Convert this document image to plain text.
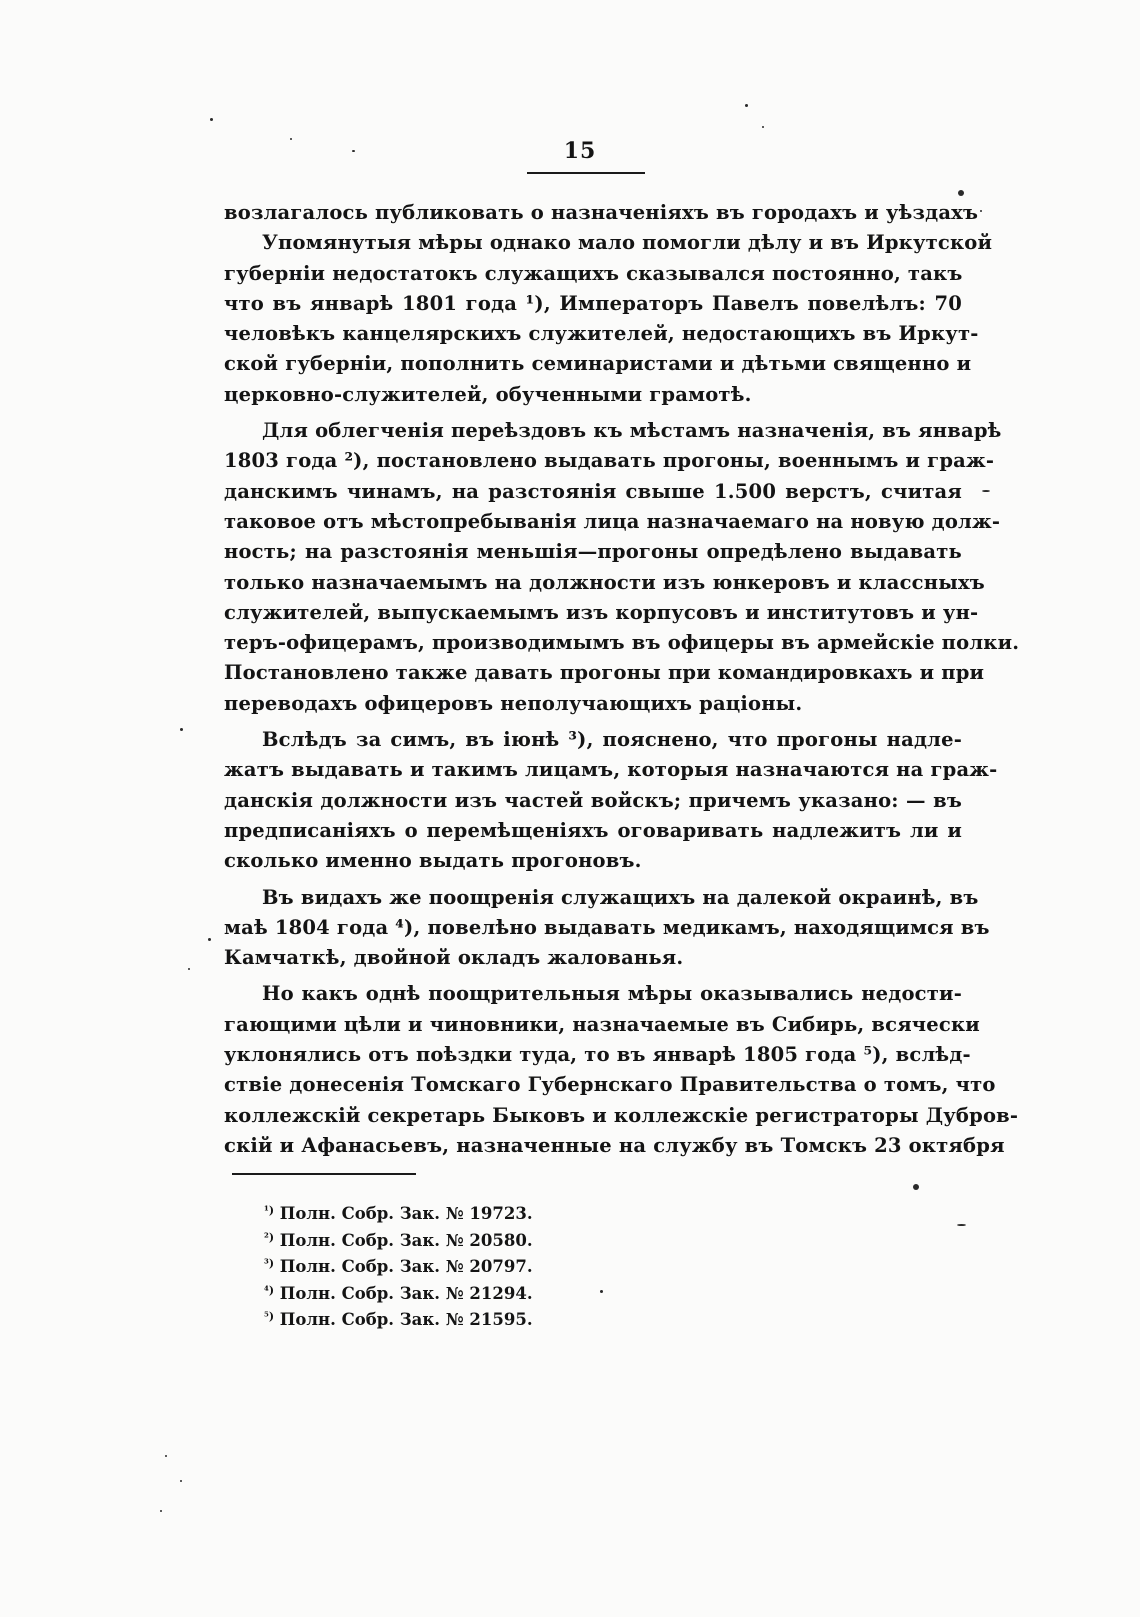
15
возлагалось публиковать о назначеніяхъ въ городахъ и уѣздахъ
Упомянутыя мѣры однако мало помогли дѣлу и въ Иркутской
губерніи недостатокъ служащихъ сказывался постоянно, такъ
что въ январѣ 1801 года ¹), Императоръ Павелъ повелѣлъ: 70
человѣкъ канцелярскихъ служителей, недостающихъ въ Иркут-
ской губерніи, пополнить семинаристами и дѣтьми священно и
церковно-служителей, обученными грамотѣ.
Для облегченія переѣздовъ къ мѣстамъ назначенія, въ январѣ
1803 года ²), постановлено выдавать прогоны, военнымъ и граж-
данскимъ чинамъ, на разстоянія свыше 1.500 верстъ, считая
таковое отъ мѣстопребыванія лица назначаемаго на новую долж-
ность; на разстоянія меньшія—прогоны опредѣлено выдавать
только назначаемымъ на должности изъ юнкеровъ и классныхъ
служителей, выпускаемымъ изъ корпусовъ и институтовъ и ун-
теръ-офицерамъ, производимымъ въ офицеры въ армейскіе полки.
Постановлено также давать прогоны при командировкахъ и при
переводахъ офицеровъ неполучающихъ раціоны.
Вслѣдъ за симъ, въ іюнѣ ³), пояснено, что прогоны надле-
жатъ выдавать и такимъ лицамъ, которыя назначаются на граж-
данскія должности изъ частей войскъ; причемъ указано: — въ
предписаніяхъ о перемѣщеніяхъ оговаривать надлежитъ ли и
сколько именно выдать прогоновъ.
Въ видахъ же поощренія служащихъ на далекой окраинѣ, въ
маѣ 1804 года ⁴), повелѣно выдавать медикамъ, находящимся въ
Камчаткѣ, двойной окладъ жалованья.
Но какъ однѣ поощрительныя мѣры оказывались недости-
гающими цѣли и чиновники, назначаемые въ Сибирь, всячески
уклонялись отъ поѣздки туда, то въ январѣ 1805 года ⁵), вслѣд-
ствіе донесенія Томскаго Губернскаго Правительства о томъ, что
коллежскій секретарь Быковъ и коллежскіе регистраторы Дубров-
скій и Афанасьевъ, назначенные на службу въ Томскъ 23 октября
$^{^1)}$ Полн. Собр. Зак. № 19723.
$^{^2)}$ Полн. Собр. Зак. № 20580.
$^{^3)}$ Полн. Собр. Зак. № 20797.
$^{^4)}$ Полн. Собр. Зак. № 21294.
$^{^5)}$ Полн. Собр. Зак. № 21595.
